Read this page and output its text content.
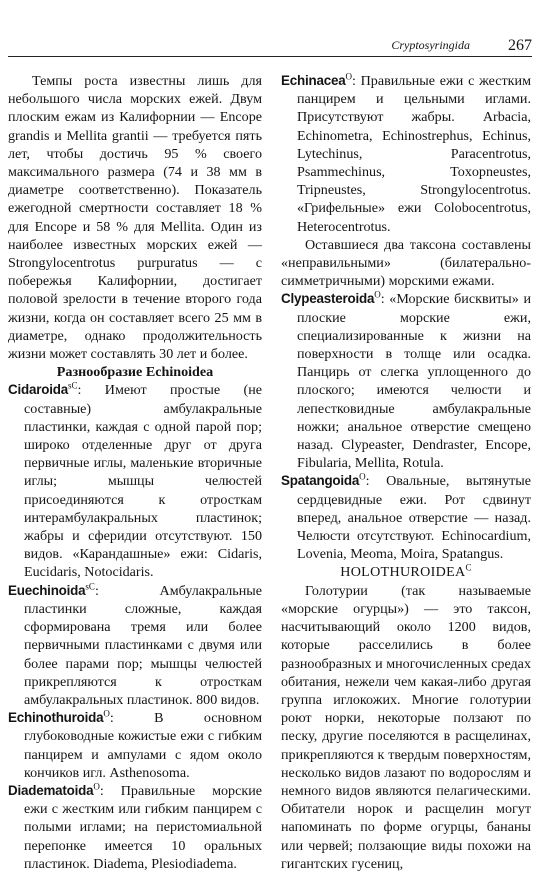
Cryptosyringida 267

Темпы роста известны лишь для небольшого числа морских ежей. Двум плоским ежам из Калифорнии — Encope grandis и Mellita grantii — требуется пять лет, чтобы достичь 95 % своего максимального размера (74 и 38 мм в диаметре соответственно). Показатель ежегодной смертности составляет 18 % для Encope и 58 % для Mellita. Один из наиболее известных морских ежей — Strongylocentrotus purpuratus — с побережья Калифорнии, достигает половой зрелости в течение второго года жизни, когда он составляет всего 25 мм в диаметре, однако продолжительность жизни может составлять 30 лет и более.

Разнообразие Echinoidea

Cidaroida$^{sC}$: Имеют простые (не составные) амбулакральные пластинки, каждая с одной парой пор; широко отделенные друг от друга первичные иглы, маленькие вторичные иглы; мышцы челюстей присоединяются к отросткам интерамбулакральных пластинок; жабры и сферидии отсутствуют. 150 видов. «Карандашные» ежи: Cidaris, Eucidaris, Notocidaris.

Euechinoida$^{sC}$: Амбулакральные пластинки сложные, каждая сформирована тремя или более первичными пластинками с двумя или более парами пор; мышцы челюстей прикрепляются к отросткам амбулакральных пластинок. 800 видов.

Echinothuroida$^O$: В основном глубоководные кожистые ежи с гибким панцирем и ампулами с ядом около кончиков игл. Asthenosoma.

Diadematoida$^O$: Правильные морские ежи с жестким или гибким панцирем с полыми иглами; на перистомиальной перепонке имеется 10 оральных пластинок. Diadema, Plesiodiadema.

Echinacea$^O$: Правильные ежи с жестким панцирем и цельными иглами. Присутствуют жабры. Arbacia, Echinometra, Echinostrephus, Echinus, Lytechinus, Paracentrotus, Psammechinus, Toxopneustes, Tripneustes, Strongylocentrotus. «Грифельные» ежи Colobocentrotus, Heterocentrotus.

Оставшиеся два таксона составлены «неправильными» (билатерально-симметричными) морскими ежами.

Clypeasteroida$^O$: «Морские бисквиты» и плоские морские ежи, специализированные к жизни на поверхности в толще или осадка. Панцирь от слегка уплощенного до плоского; имеются челюсти и лепестковидные амбулакральные ножки; анальное отверстие смещено назад. Clypeaster, Dendraster, Encope, Fibularia, Mellita, Rotula.

Spatangoida$^O$: Овальные, вытянутые сердцевидные ежи. Рот сдвинут вперед, анальное отверстие — назад. Челюсти отсутствуют. Echinocardium, Lovenia, Meoma, Moira, Spatangus.

$HOLOTHUROIDEA^C$

Голотурии (так называемые «морские огурцы») — это таксон, насчитывающий около 1200 видов, которые расселились в более разнообразных и многочисленных средах обитания, нежели чем какая-либо другая группа иглокожих. Многие голотурии роют норки, некоторые ползают по песку, другие поселяются в расщелинах, прикрепляются к твердым поверхностям, несколько видов лазают по водорослям и немного видов являются пелагическими. Обитатели норок и расщелин могут напоминать по форме огурцы, бананы или червей; ползающие виды похожи на гигантских гусениц,
